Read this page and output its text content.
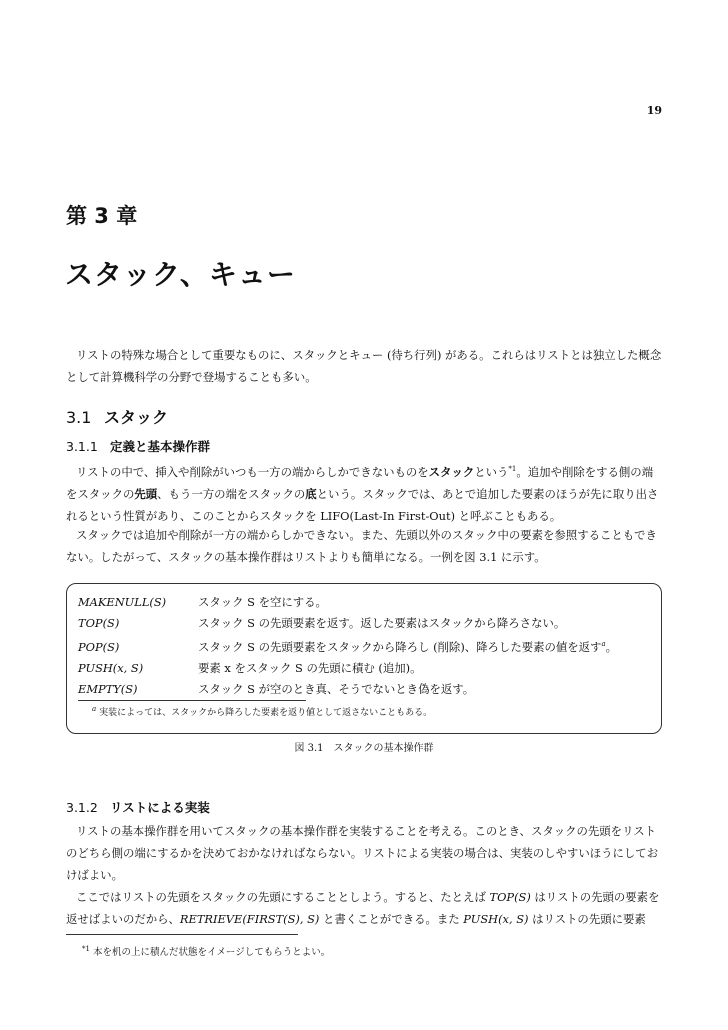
19
第 3 章
スタック、キュー
リストの特殊な場合として重要なものに、スタックとキュー (待ち行列) がある。これらはリストとは独立した概念として計算機科学の分野で登場することも多い。
3.1 スタック
3.1.1 定義と基本操作群
リストの中で、挿入や削除がいつも一方の端からしかできないものをスタックという$^{*1}$。追加や削除をする側の端をスタックの先頭、もう一方の端をスタックの底という。スタックでは、あとで追加した要素のほうが先に取り出されるという性質があり、このことからスタックを LIFO(Last-In First-Out) と呼ぶこともある。
スタックでは追加や削除が一方の端からしかできない。また、先頭以外のスタック中の要素を参照することもできない。したがって、スタックの基本操作群はリストよりも簡単になる。一例を図 3.1 に示す。
MAKENULL(S)	スタック S を空にする。
TOP(S)	スタック S の先頭要素を返す。返した要素はスタックから降ろさない。
POP(S)	スタック S の先頭要素をスタックから降ろし (削除)、降ろした要素の値を返す$^a$。
PUSH(x, S)	要素 x をスタック S の先頭に積む (追加)。
EMPTY(S)	スタック S が空のとき真、そうでないとき偽を返す。
$^a$ 実装によっては、スタックから降ろした要素を返り値として返さないこともある。
図 3.1　スタックの基本操作群
3.1.2 リストによる実装
リストの基本操作群を用いてスタックの基本操作群を実装することを考える。このとき、スタックの先頭をリストのどちら側の端にするかを決めておかなければならない。リストによる実装の場合は、実装のしやすいほうにしておけばよい。
ここではリストの先頭をスタックの先頭にすることとしよう。すると、たとえば TOP(S) はリストの先頭の要素を返せばよいのだから、RETRIEVE(FIRST(S), S) と書くことができる。また PUSH(x, S) はリストの先頭に要素
$^{*1}$ 本を机の上に積んだ状態をイメージしてもらうとよい。
